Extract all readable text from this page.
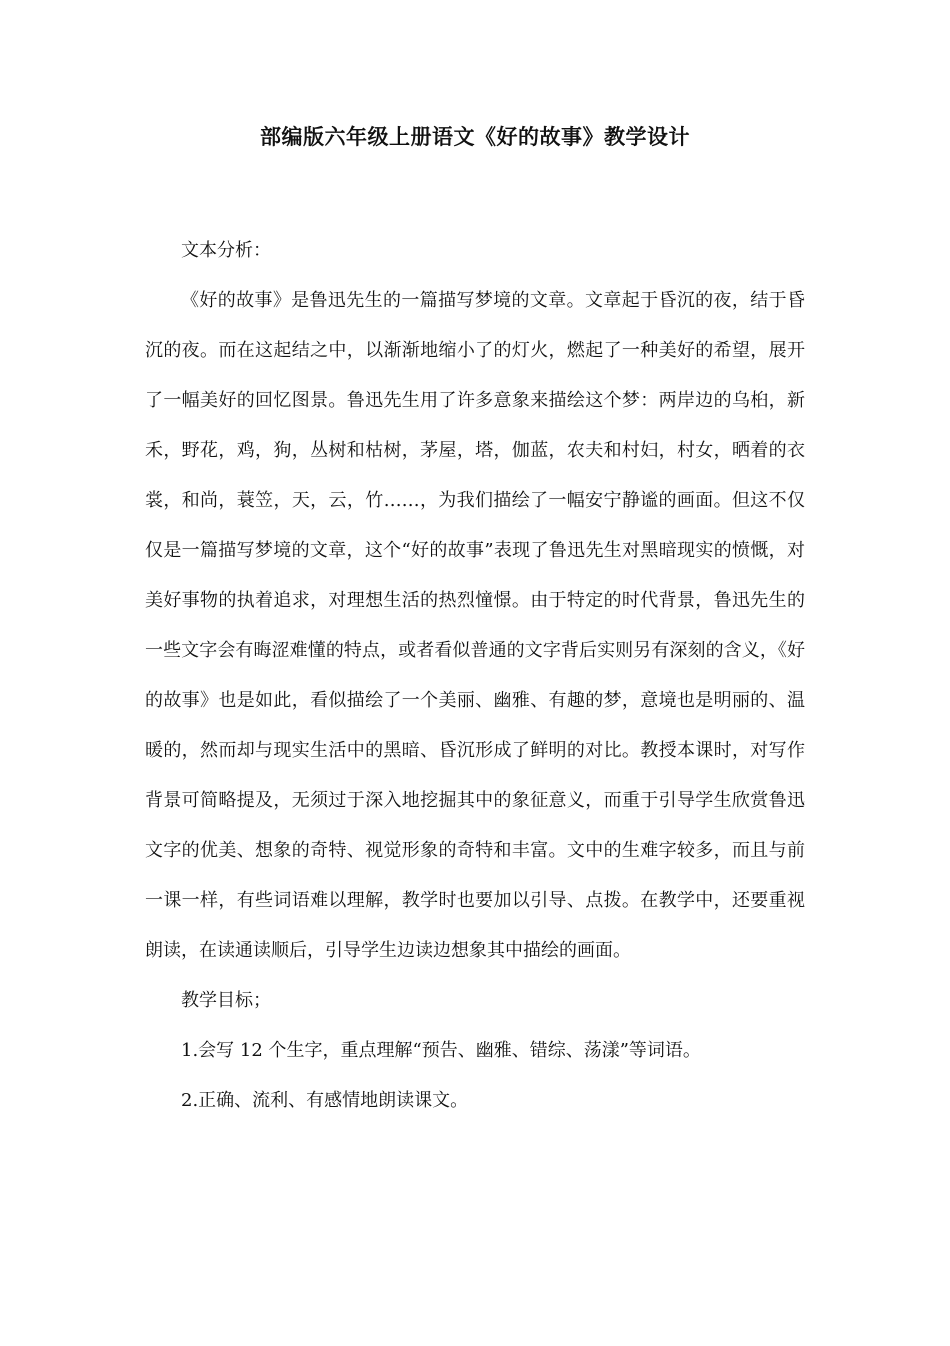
部编版六年级上册语文《好的故事》教学设计

文本分析：

《好的故事》是鲁迅先生的一篇描写梦境的文章。文章起于昏沉的夜，结于昏沉的夜。而在这起结之中，以渐渐地缩小了的灯火，燃起了一种美好的希望，展开了一幅美好的回忆图景。鲁迅先生用了许多意象来描绘这个梦：两岸边的乌桕，新禾，野花，鸡，狗，丛树和枯树，茅屋，塔，伽蓝，农夫和村妇，村女，晒着的衣裳，和尚，蓑笠，天，云，竹……，为我们描绘了一幅安宁静谧的画面。但这不仅仅是一篇描写梦境的文章，这个“好的故事”表现了鲁迅先生对黑暗现实的愤慨，对美好事物的执着追求，对理想生活的热烈憧憬。由于特定的时代背景，鲁迅先生的一些文字会有晦涩难懂的特点，或者看似普通的文字背后实则另有深刻的含义，《好的故事》也是如此，看似描绘了一个美丽、幽雅、有趣的梦，意境也是明丽的、温暖的，然而却与现实生活中的黑暗、昏沉形成了鲜明的对比。教授本课时，对写作背景可简略提及，无须过于深入地挖掘其中的象征意义，而重于引导学生欣赏鲁迅文字的优美、想象的奇特、视觉形象的奇特和丰富。文中的生难字较多，而且与前一课一样，有些词语难以理解，教学时也要加以引导、点拨。在教学中，还要重视朗读，在读通读顺后，引导学生边读边想象其中描绘的画面。

教学目标；

1.会写 12 个生字，重点理解“预告、幽雅、错综、荡漾”等词语。

2.正确、流利、有感情地朗读课文。
